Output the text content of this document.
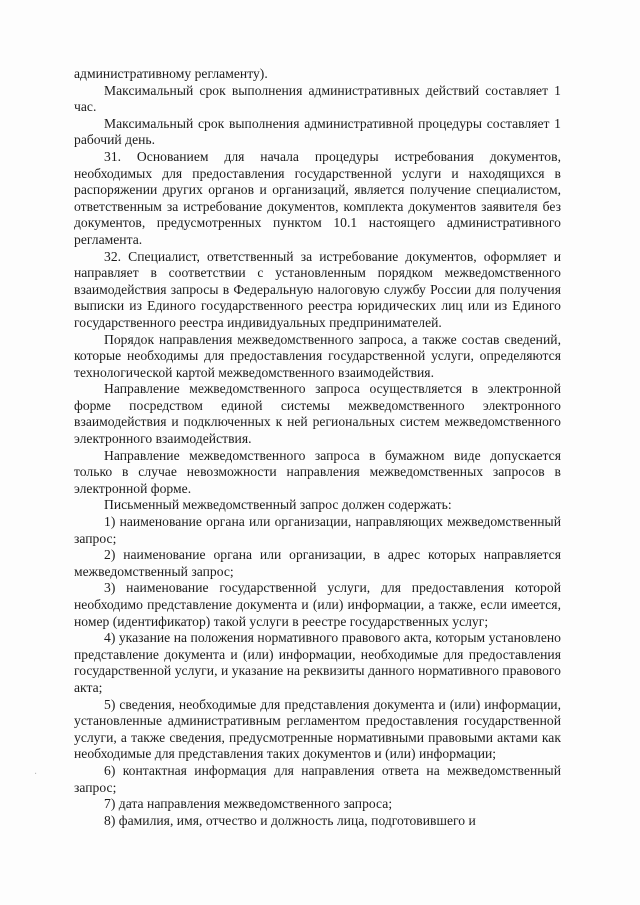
·

административному регламенту).

Максимальный срок выполнения административных действий составляет 1 час.

Максимальный срок выполнения административной процедуры составляет 1 рабочий день.

31. Основанием для начала процедуры истребования документов, необходимых для предоставления государственной услуги и находящихся в распоряжении других органов и организаций, является получение специалистом, ответственным за истребование документов, комплекта документов заявителя без документов, предусмотренных пунктом 10.1 настоящего административного регламента.

32. Специалист, ответственный за истребование документов, оформляет и направляет в соответствии с установленным порядком межведомственного взаимодействия запросы в Федеральную налоговую службу России для получения выписки из Единого государственного реестра юридических лиц или из Единого государственного реестра индивидуальных предпринимателей.

Порядок направления межведомственного запроса, а также состав сведений, которые необходимы для предоставления государственной услуги, определяются технологической картой межведомственного взаимодействия.

Направление межведомственного запроса осуществляется в электронной форме посредством единой системы межведомственного электронного взаимодействия и подключенных к ней региональных систем межведомственного электронного взаимодействия.

Направление межведомственного запроса в бумажном виде допускается только в случае невозможности направления межведомственных запросов в электронной форме.

Письменный межведомственный запрос должен содержать:

1) наименование органа или организации, направляющих межведомственный запрос;

2) наименование органа или организации, в адрес которых направляется межведомственный запрос;

3) наименование государственной услуги, для предоставления которой необходимо представление документа и (или) информации, а также, если имеется, номер (идентификатор) такой услуги в реестре государственных услуг;

4) указание на положения нормативного правового акта, которым установлено представление документа и (или) информации, необходимые для предоставления государственной услуги, и указание на реквизиты данного нормативного правового акта;

5) сведения, необходимые для представления документа и (или) информации, установленные административным регламентом предоставления государственной услуги, а также сведения, предусмотренные нормативными правовыми актами как необходимые для представления таких документов и (или) информации;

6) контактная информация для направления ответа на межведомственный запрос;

7) дата направления межведомственного запроса;

8) фамилия, имя, отчество и должность лица, подготовившего и
